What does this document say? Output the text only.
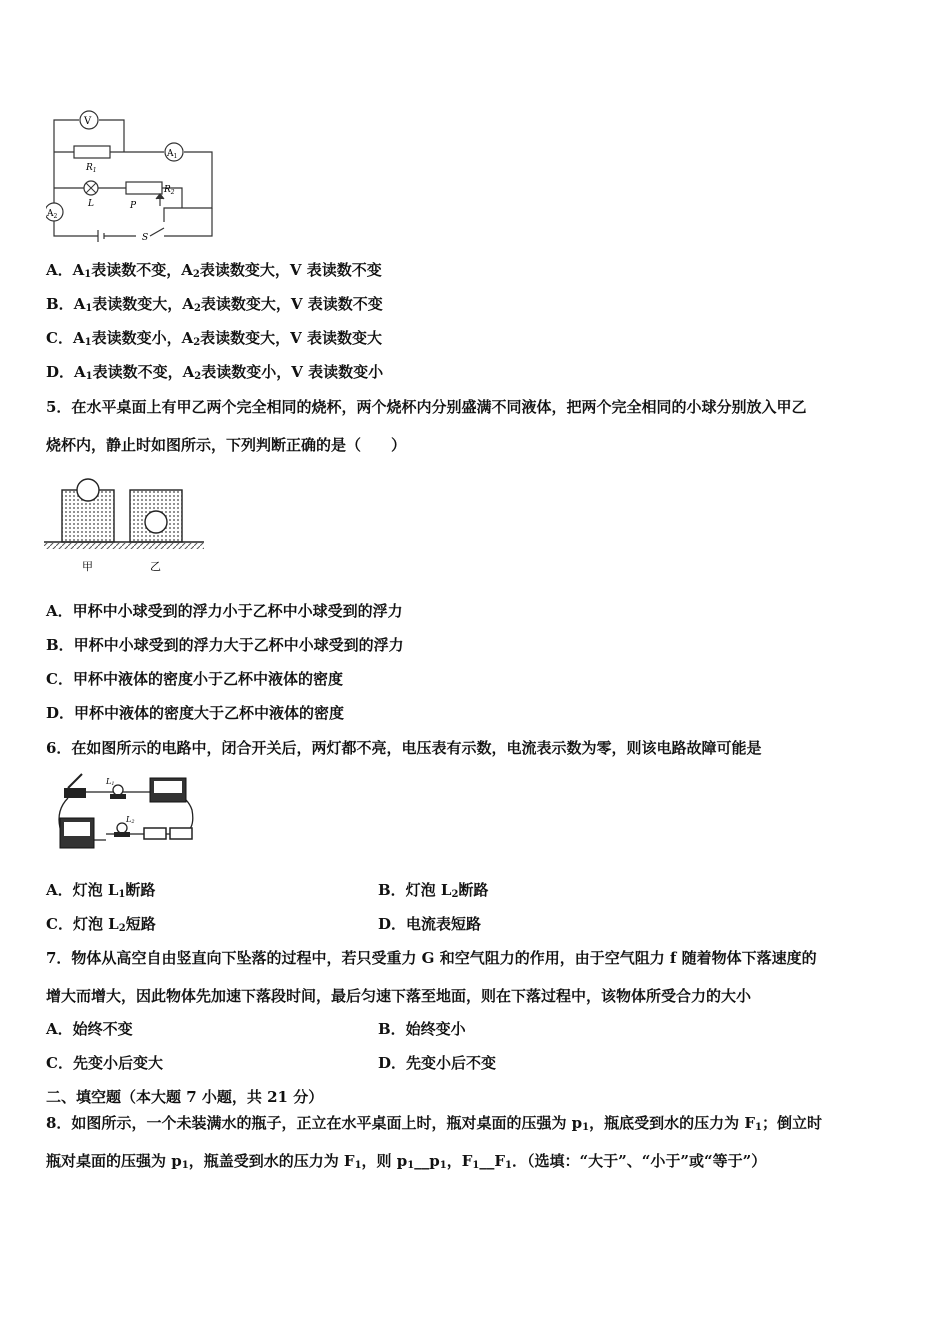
V
$A_1$
$A_2$
$R_1$
$R_2$
L	P
S
A．$A_1$表读数不变，$A_2$表读数变大，V 表读数不变
B．$A_1$表读数变大，$A_2$表读数变大，V 表读数不变
C．$A_1$表读数变小，$A_2$表读数变大，V 表读数变大
D．$A_1$表读数不变，$A_2$表读数变小，V 表读数变小
5．在水平桌面上有甲乙两个完全相同的烧杯，两个烧杯内分别盛满不同液体，把两个完全相同的小球分别放入甲乙
烧杯内，静止时如图所示，下列判断正确的是（　　）
甲	乙
A．甲杯中小球受到的浮力小于乙杯中小球受到的浮力
B．甲杯中小球受到的浮力大于乙杯中小球受到的浮力
C．甲杯中液体的密度小于乙杯中液体的密度
D．甲杯中液体的密度大于乙杯中液体的密度
6．在如图所示的电路中，闭合开关后，两灯都不亮，电压表有示数，电流表示数为零，则该电路故障可能是
L1
L2
A．灯泡 $L_1$断路	B．灯泡 $L_2$断路
C．灯泡 $L_2$短路	D．电流表短路
7．物体从高空自由竖直向下坠落的过程中，若只受重力 G 和空气阻力的作用，由于空气阻力 f 随着物体下落速度的
增大而增大，因此物体先加速下落段时间，最后匀速下落至地面，则在下落过程中，该物体所受合力的大小
A．始终不变	B．始终变小
C．先变小后变大	D．先变小后不变
二、填空题（本大题 7 小题，共 21 分）
8．如图所示，一个未装满水的瓶子，正立在水平桌面上时，瓶对桌面的压强为 $p_1$，瓶底受到水的压力为 $F_1$；倒立时
瓶对桌面的压强为 $p_1$，瓶盖受到水的压力为 $F_1$，则 $p_1\_\_p_1$，$F_1\_\_F_1$．（选填：“大于”、“小于”或“等于”）
